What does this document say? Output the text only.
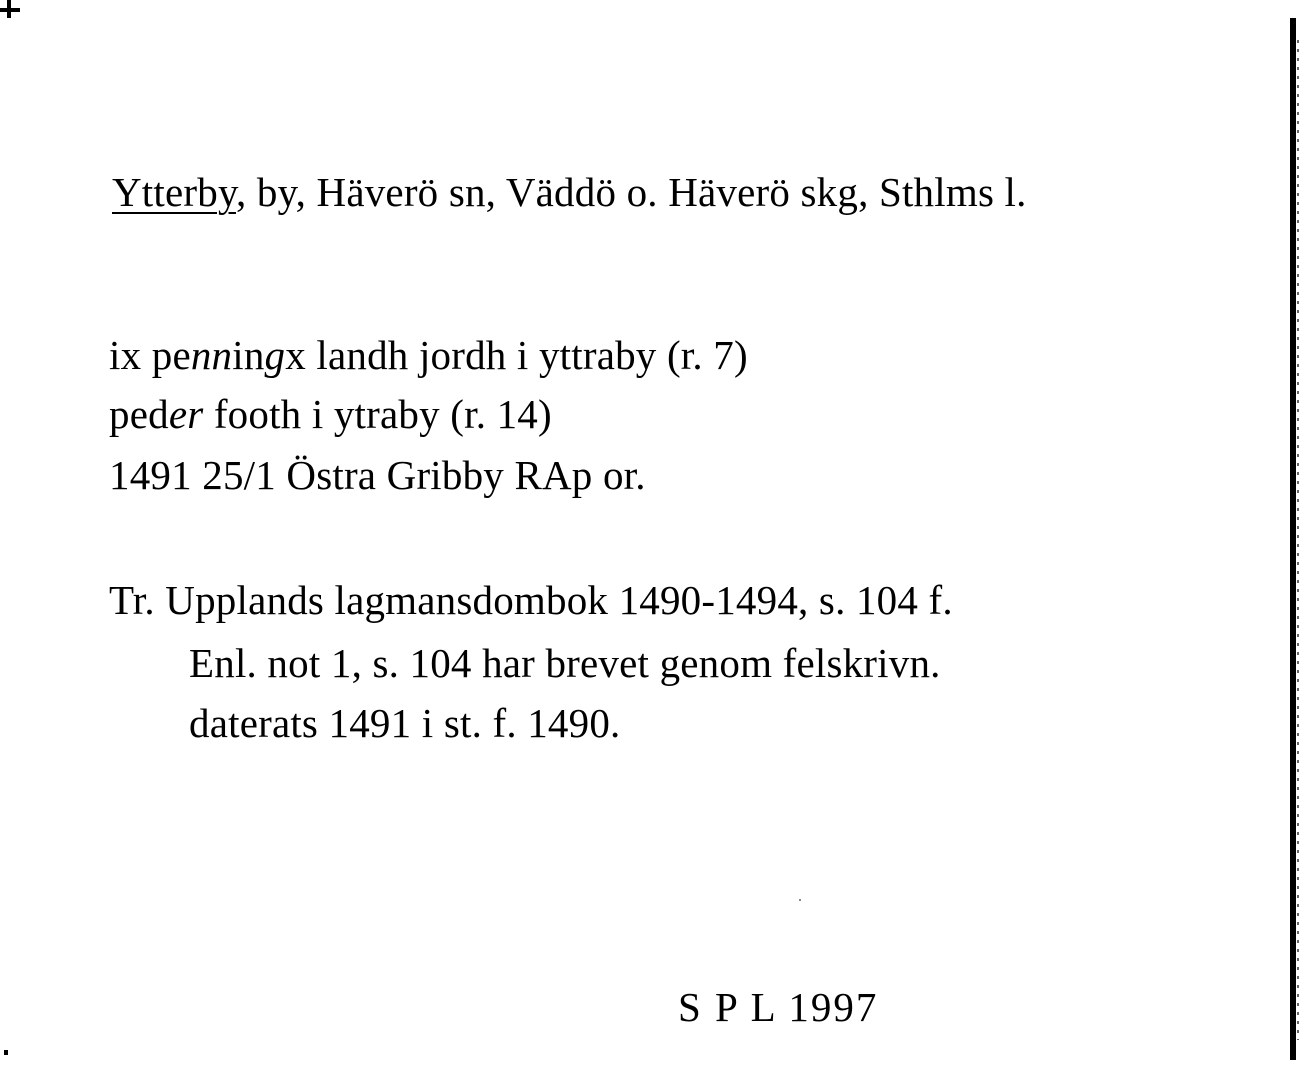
Ytterby, by, Häverö sn, Väddö o. Häverö skg, Sthlms l.
ix penningx landh jordh i yttraby (r. 7)
peder footh i ytraby (r. 14)
1491 25/1 Östra Gribby RAp or.
Tr. Upplands lagmansdombok 1490-1494, s. 104 f.
Enl. not 1, s. 104 har brevet genom felskrivn.
daterats 1491 i st. f. 1490.
S P L 1997
